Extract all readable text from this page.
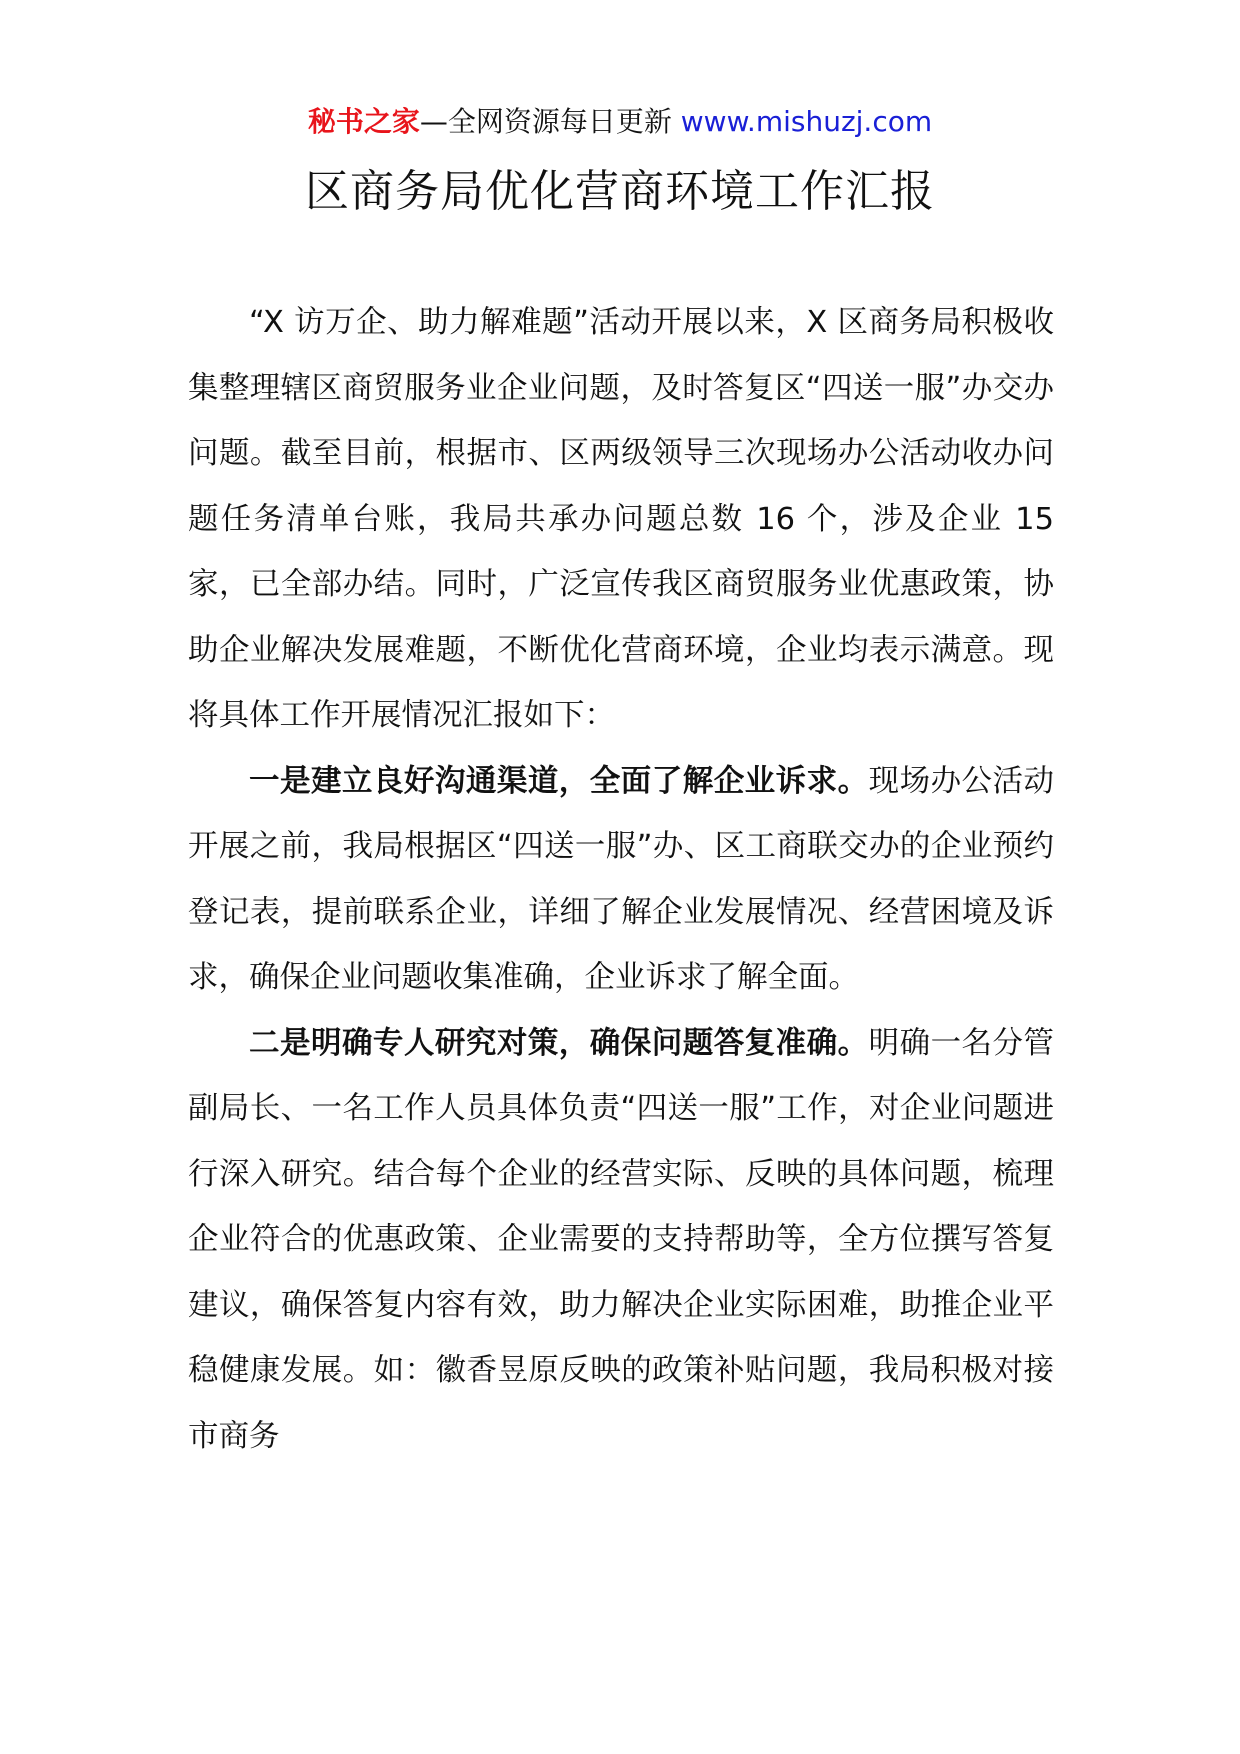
秘书之家—全网资源每日更新 www.mishuzj.com
区商务局优化营商环境工作汇报

“X 访万企、助力解难题”活动开展以来，X 区商务局积极收集整理辖区商贸服务业企业问题，及时答复区“四送一服”办交办问题。截至目前，根据市、区两级领导三次现场办公活动收办问题任务清单台账，我局共承办问题总数 16 个，涉及企业 15 家，已全部办结。同时，广泛宣传我区商贸服务业优惠政策，协助企业解决发展难题，不断优化营商环境，企业均表示满意。现将具体工作开展情况汇报如下：

一是建立良好沟通渠道，全面了解企业诉求。现场办公活动开展之前，我局根据区“四送一服”办、区工商联交办的企业预约登记表，提前联系企业，详细了解企业发展情况、经营困境及诉求，确保企业问题收集准确，企业诉求了解全面。

二是明确专人研究对策，确保问题答复准确。明确一名分管副局长、一名工作人员具体负责“四送一服”工作，对企业问题进行深入研究。结合每个企业的经营实际、反映的具体问题，梳理企业符合的优惠政策、企业需要的支持帮助等，全方位撰写答复建议，确保答复内容有效，助力解决企业实际困难，助推企业平稳健康发展。如：徽香昱原反映的政策补贴问题，我局积极对接市商务
